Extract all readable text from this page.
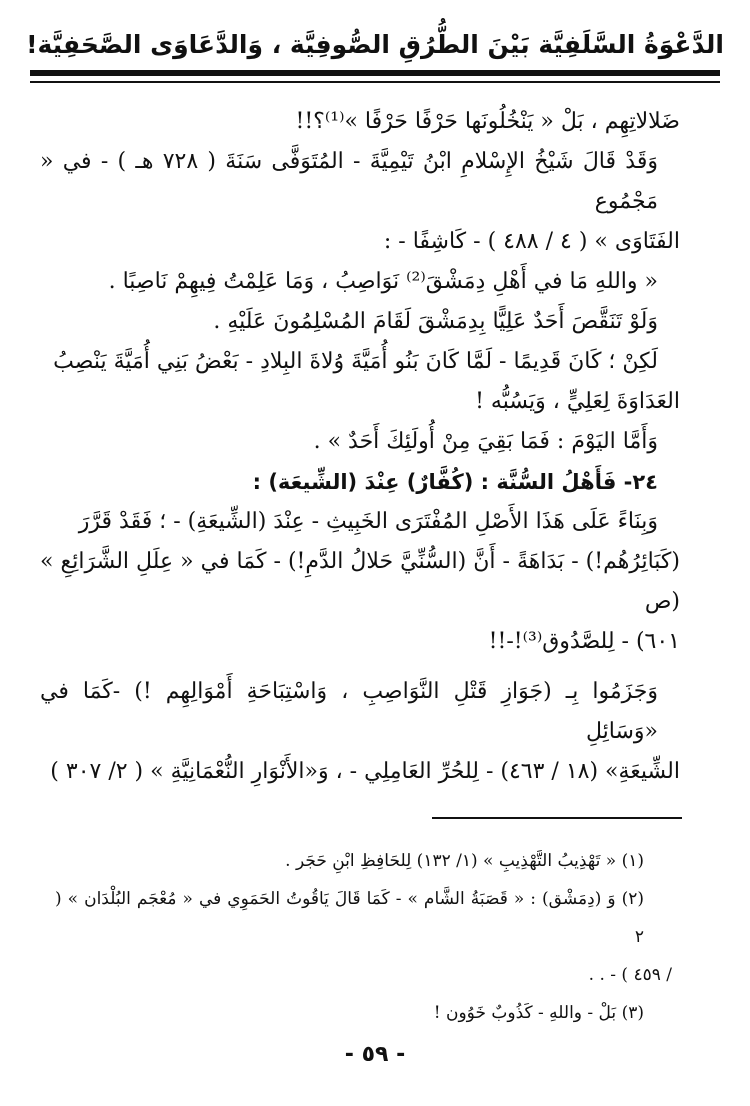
الدَّعْوَةُ السَّلَفِيَّة بَيْنَ الطُّرُقِ الصُّوفِيَّة ، وَالدَّعَاوَى الصَّحَفِيَّة!

ضَلالاتِهِم ، بَلْ « يَنْخُلُونَها حَرْفًا حَرْفًا »⁽¹⁾؟!!

وَقَدْ قَالَ شَيْخُ الإِسْلامِ ابْنُ تَيْمِيَّةَ - المُتَوَفَّى سَنَةَ ( ٧٢٨ هـ ) - في « مَجْمُوع

الفَتَاوَى » ( ٤ / ٤٨٨ ) - كَاشِفًا - :

« واللهِ مَا في أَهْلِ دِمَشْقَ⁽²⁾ نَوَاصِبُ ، وَمَا عَلِمْتُ فِيهِمْ نَاصِبًا .

وَلَوْ تَنَقَّصَ أَحَدٌ عَلِيًّا بِدِمَشْقَ لَقَامَ المُسْلِمُونَ عَلَيْهِ .

لَكِنْ ؛ كَانَ قَدِيمًا - لَمَّا كَانَ بَنُو أُمَيَّةَ وُلاةَ البِلادِ - بَعْضُ بَنِي أُمَيَّةَ يَنْصِبُ

العَدَاوَةَ لِعَلِيٍّ ، وَيَسُبُّه !

وَأَمَّا اليَوْمَ : فَمَا بَقِيَ مِنْ أُولَئِكَ أَحَدٌ » .

٢٤- فَأَهْلُ السُّنَّة : (كُفَّارٌ) عِنْدَ (الشِّيعَة) :

وَبِنَاءً عَلَى هَذَا الأَصْلِ المُفْتَرَى الخَبِيثِ - عِنْدَ (الشِّيعَةِ) - ؛ فَقَدْ قَرَّرَ

(كَبَائِرُهُم!) - بَدَاهَةً - أَنَّ (السُّنِّيَّ حَلالُ الدَّمِ!) - كَمَا في « عِلَلِ الشَّرَائِعِ » (ص

٦٠١) - لِلصَّدُوق⁽³⁾!-!!

وَجَزَمُوا بِـ (جَوَازِ قَتْلِ النَّوَاصِبِ ، وَاسْتِبَاحَةِ أَمْوَالِهِم !) -كَمَا في «وَسَائِلِ

الشِّيعَةِ» (١٨ / ٤٦٣) - لِلحُرِّ العَامِلِي - ، وَ«الأَنْوَارِ النُّعْمَانِيَّةِ » ( ٢/ ٣٠٧ )

(١) « تَهْذِيبُ التَّهْذِيبِ » (١/ ١٣٢) لِلحَافِظِ ابْنِ حَجَر .

(٢) وَ (دِمَشْق) : « قَصَبَةُ الشَّام » - كَمَا قَالَ يَاقُوتُ الحَمَوِي في « مُعْجَم البُلْدَان » ( ٢

/ ٤٥٩ ) - . .

(٣) بَلْ - واللهِ - كَذُوبٌ خَوُون !

- ٥٩ -
